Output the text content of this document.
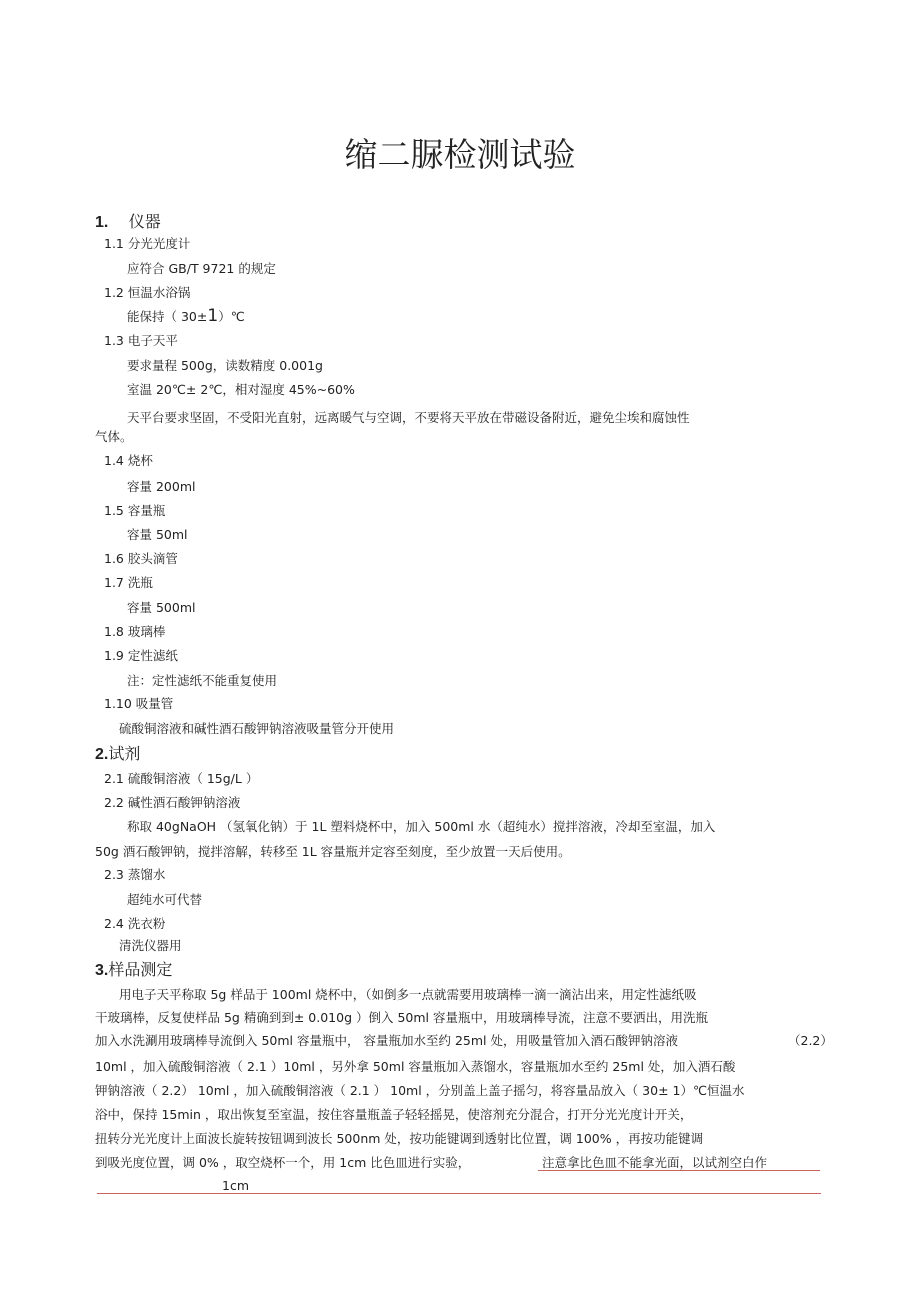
缩二脲检测试验
1. 仪器
1.1 分光光度计
应符合 GB/T 9721 的规定
1.2 恒温水浴锅
能保持（ 30±1）℃
1.3 电子天平
要求量程 500g，读数精度 0.001g
室温 20℃± 2℃，相对湿度 45%~60%
天平台要求坚固，不受阳光直射，远离暖气与空调，不要将天平放在带磁设备附近，避免尘埃和腐蚀性
气体。
1.4 烧杯
容量 200ml
1.5 容量瓶
容量 50ml
1.6 胶头滴管
1.7 洗瓶
容量 500ml
1.8 玻璃棒
1.9 定性滤纸
注：定性滤纸不能重复使用
1.10 吸量管
硫酸铜溶液和碱性酒石酸钾钠溶液吸量管分开使用
2.试剂
2.1 硫酸铜溶液（ 15g/L ）
2.2 碱性酒石酸钾钠溶液
称取 40gNaOH （氢氧化钠）于 1L 塑料烧杯中，加入 500ml 水（超纯水）搅拌溶液，冷却至室温，加入
50g 酒石酸钾钠，搅拌溶解，转移至 1L 容量瓶并定容至刻度，至少放置一天后使用。
2.3 蒸馏水
超纯水可代替
2.4 洗衣粉
清洗仪器用
3.样品测定
用电子天平称取 5g 样品于 100ml 烧杯中，（如倒多一点就需要用玻璃棒一滴一滴沾出来，用定性滤纸吸
干玻璃棒，反复使样品 5g 精确到到± 0.010g ）倒入 50ml 容量瓶中，用玻璃棒导流，注意不要洒出，用洗瓶
加入水洗涮用玻璃棒导流倒入 50ml 容量瓶中， 容量瓶加水至约 25ml 处，用吸量管加入酒石酸钾钠溶液	（2.2）
10ml ，加入硫酸铜溶液（ 2.1 ）10ml ，另外拿 50ml 容量瓶加入蒸馏水，容量瓶加水至约 25ml 处，加入酒石酸
钾钠溶液（ 2.2） 10ml ，加入硫酸铜溶液（ 2.1 ） 10ml ，分别盖上盖子摇匀，将容量品放入（ 30± 1）℃恒温水
浴中，保持 15min ，取出恢复至室温，按住容量瓶盖子轻轻摇晃，使溶剂充分混合，打开分光光度计开关，
扭转分光光度计上面波长旋转按钮调到波长 500nm 处，按功能键调到透射比位置，调 100% ，再按功能键调
到吸光度位置，调 0% ，取空烧杯一个，用 1cm 比色皿进行实验，	注意拿比色皿不能拿光面，以试剂空白作
1cm
